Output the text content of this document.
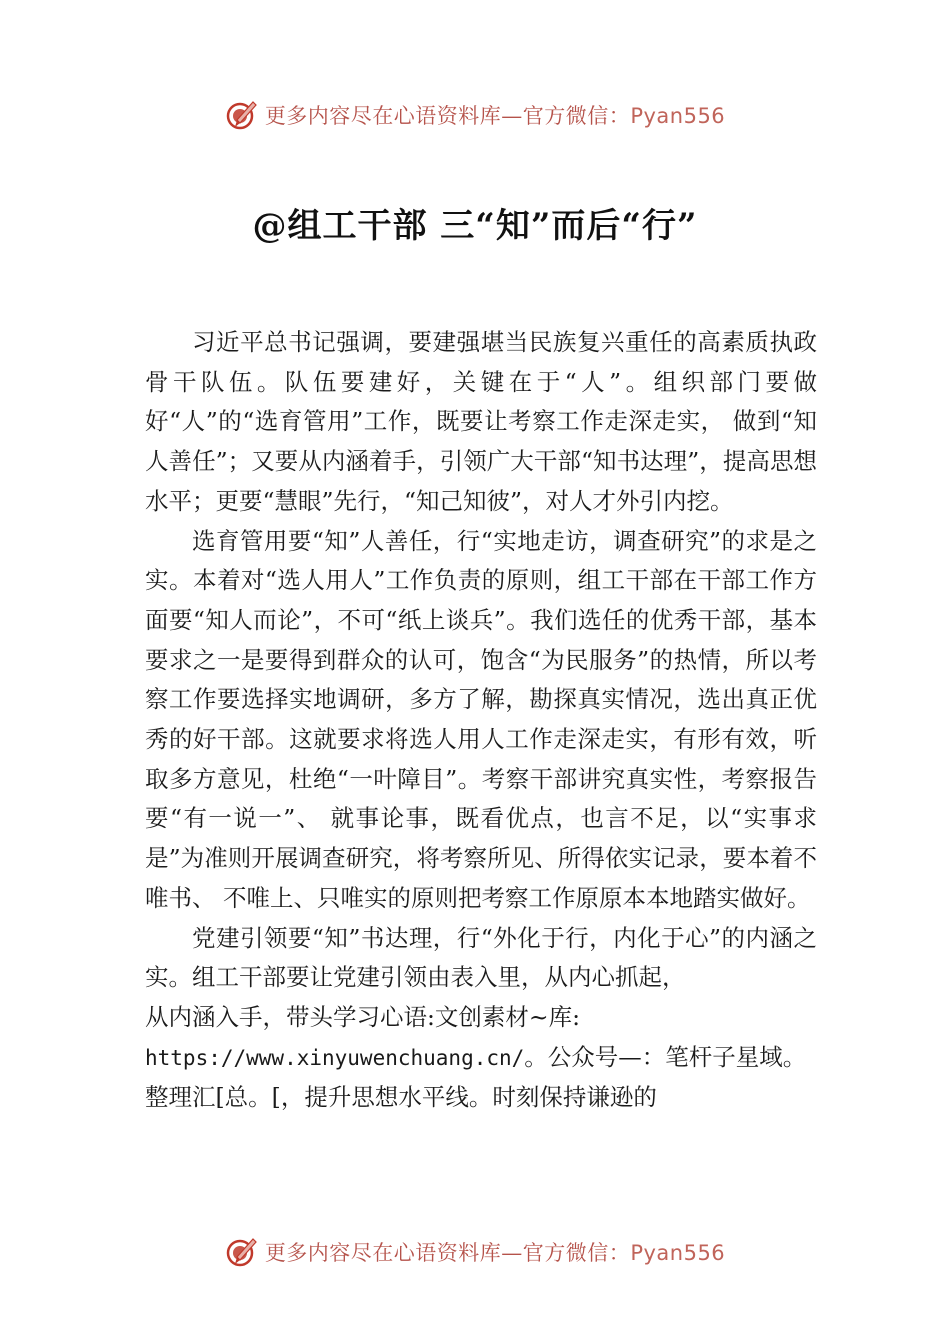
更多内容尽在心语资料库—官方微信：Pyan556
@组工干部 三“知”而后“行”

习近平总书记强调，要建强堪当民族复兴重任的高素质执政骨干队伍。队伍要建好，关键在于“人”。组织部门要做好“人”的“选育管用”工作，既要让考察工作走深走实， 做到“知人善任”；又要从内涵着手，引领广大干部“知书达理”，提高思想水平；更要“慧眼”先行，“知己知彼”，对人才外引内挖。

选育管用要“知”人善任，行“实地走访，调查研究”的求是之实。本着对“选人用人”工作负责的原则，组工干部在干部工作方面要“知人而论”，不可“纸上谈兵”。我们选任的优秀干部，基本要求之一是要得到群众的认可，饱含“为民服务”的热情，所以考察工作要选择实地调研，多方了解，勘探真实情况，选出真正优秀的好干部。这就要求将选人用人工作走深走实，有形有效，听取多方意见，杜绝“一叶障目”。考察干部讲究真实性，考察报告要“有一说一”、 就事论事，既看优点，也言不足，以“实事求是”为准则开展调查研究，将考察所见、所得依实记录，要本着不唯书、 不唯上、只唯实的原则把考察工作原原本本地踏实做好。

党建引领要“知”书达理，行“外化于行，内化于心”的内涵之实。组工干部要让党建引领由表入里，从内心抓起，

从内涵入手，带头学习心语:文创素材~库:

https://www.xinyuwenchuang.cn/。公众号—：笔杆子星域。

整理汇[总。[，提升思想水平线。时刻保持谦逊的

更多内容尽在心语资料库—官方微信：Pyan556
